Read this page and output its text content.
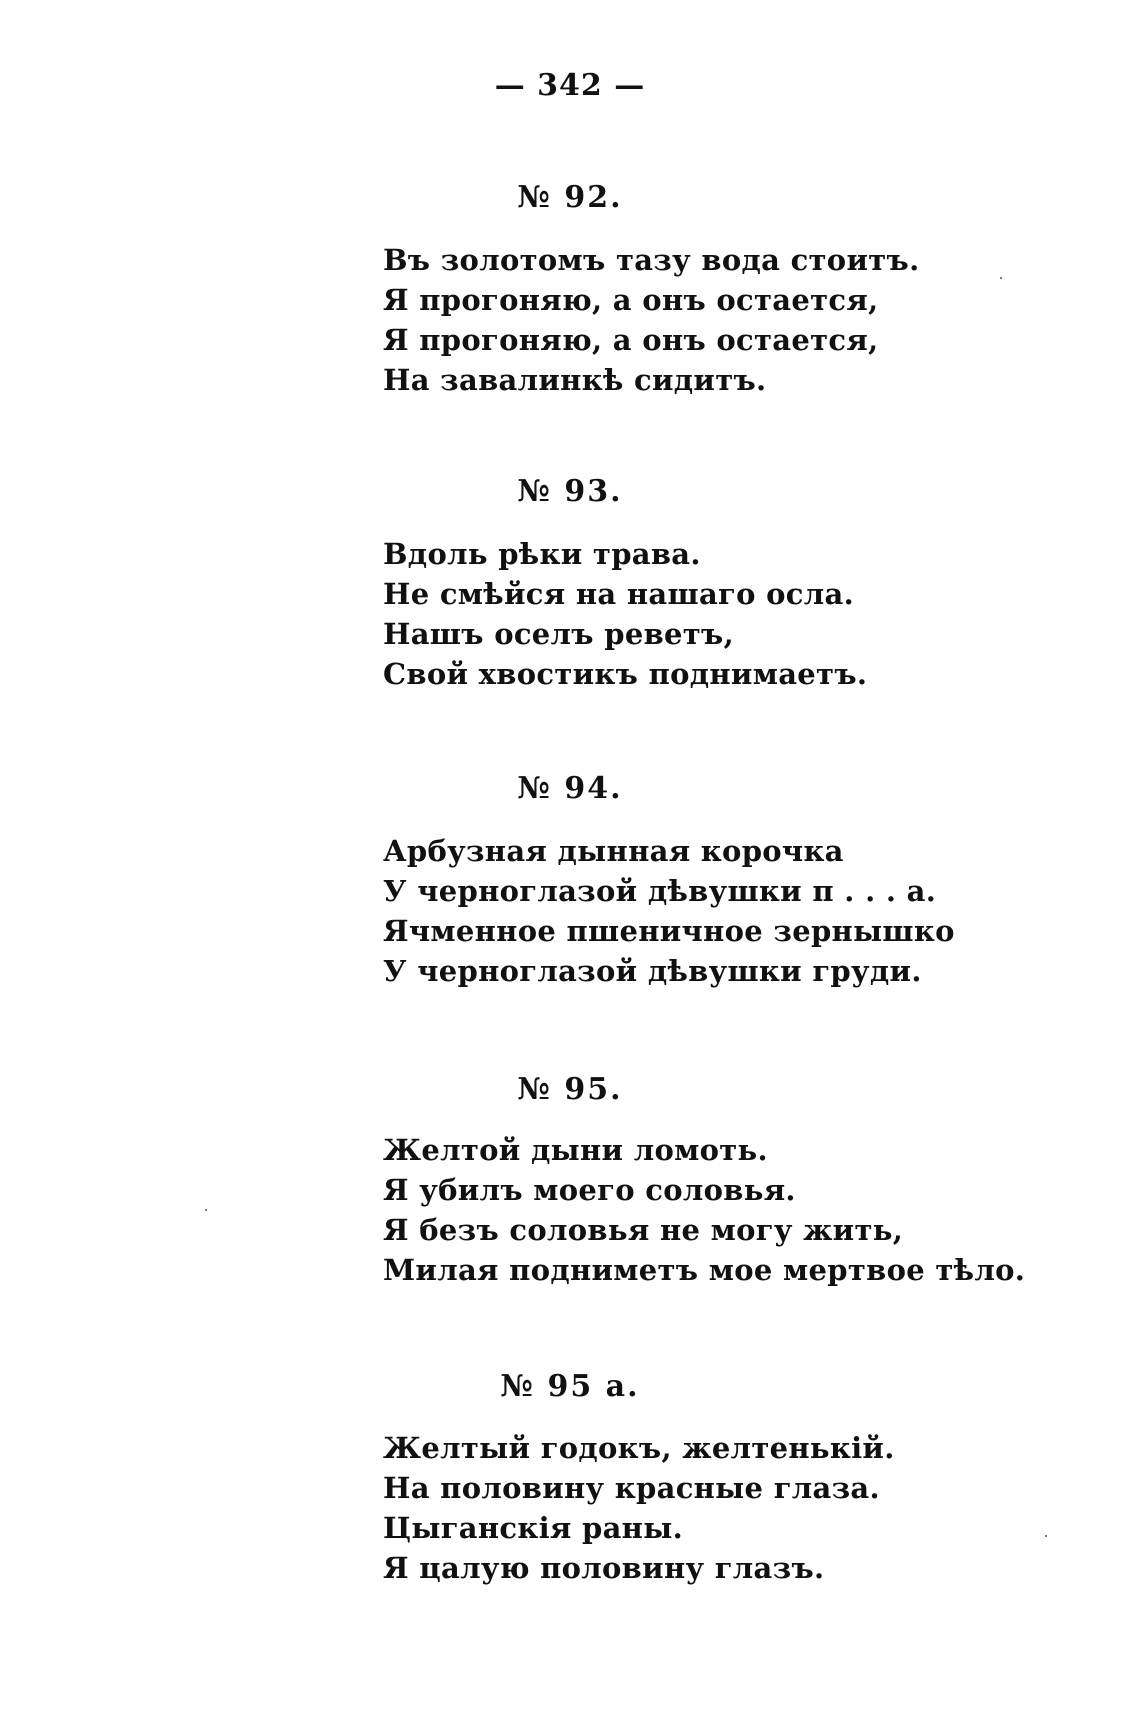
— 342 —
№ 92.
Въ золотомъ тазу вода стоитъ.
Я прогоняю, а онъ остается,
Я прогоняю, а онъ остается,
На завалинкѣ сидитъ.
№ 93.
Вдоль рѣки трава.
Не смѣйся на нашаго осла.
Нашъ оселъ реветъ,
Свой хвостикъ поднимаетъ.
№ 94.
Арбузная дынная корочка
У черноглазой дѣвушки п . . . а.
Ячменное пшеничное зернышко
У черноглазой дѣвушки груди.
№ 95.
Желтой дыни ломоть.
Я убилъ моего соловья.
Я безъ соловья не могу жить,
Милая подниметъ мое мертвое тѣло.
№ 95 а.
Желтый годокъ, желтенькій.
На половину красные глаза.
Цыганскія раны.
Я цалую половину глазъ.
